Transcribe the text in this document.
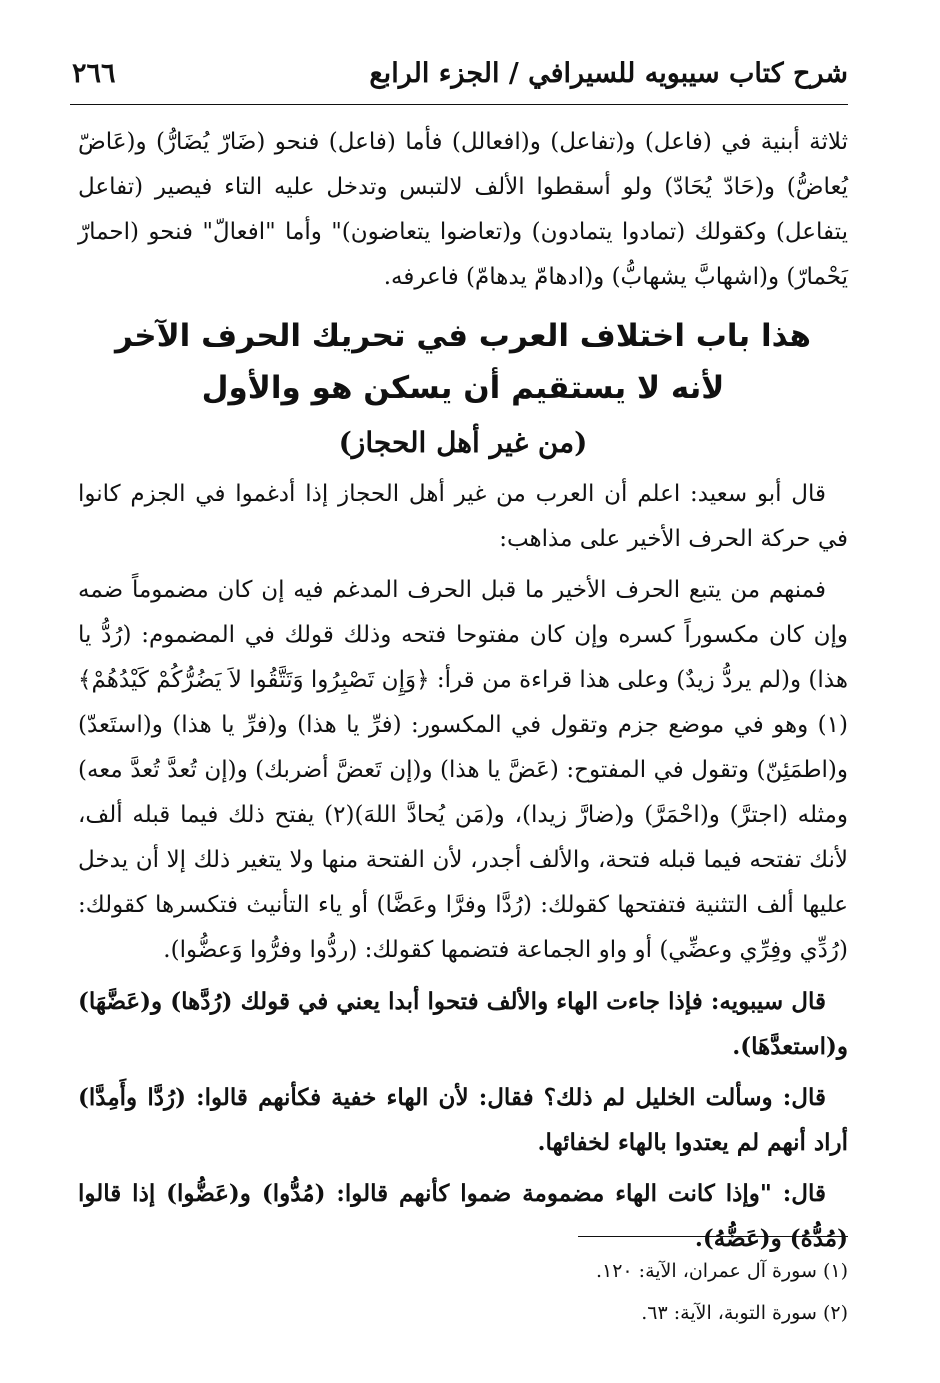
شرح كتاب سيبويه للسيرافي / الجزء الرابع
٢٦٦

ثلاثة أبنية في (فاعل) و(تفاعل) و(افعالل) فأما (فاعل) فنحو (ضَارّ يُضَارُّ) و(عَاضّ يُعاضُّ) و(حَادّ يُحَادّ) ولو أسقطوا الألف لالتبس وتدخل عليه التاء فيصير (تفاعل يتفاعل) وكقولك (تمادوا يتمادون) و(تعاضوا يتعاضون)" وأما "افعالّ" فنحو (احمارّ يَحْمارّ) و(اشهابَّ يشهابُّ) و(ادهامّ يدهامّ) فاعرفه.

هذا باب اختلاف العرب في تحريك الحرف الآخر لأنه لا يستقيم أن يسكن هو والأول

(من غير أهل الحجاز)

قال أبو سعيد: اعلم أن العرب من غير أهل الحجاز إذا أدغموا في الجزم كانوا في حركة الحرف الأخير على مذاهب:

فمنهم من يتبع الحرف الأخير ما قبل الحرف المدغم فيه إن كان مضموماً ضمه وإن كان مكسوراً كسره وإن كان مفتوحا فتحه وذلك قولك في المضموم: (رُدُّ يا هذا) و(لم يردُّ زيدٌ) وعلى هذا قراءة من قرأ: ﴿وَإِن تَصْبِرُوا وَتَتَّقُوا لاَ يَضُرُّكُمْ كَيْدُهُمْ﴾(١) وهو في موضع جزم وتقول في المكسور: (فرِّ يا هذا) و(فرِّ يا هذا) و(استَعدّ) و(اطمَئِنّ) وتقول في المفتوح: (عَضَّ يا هذا) و(إن تَعضَّ أضربك) و(إن تُعدَّ تُعدَّ معه) ومثله (اجترَّ) و(احْمَرَّ) و(ضارَّ زيدا)، و(مَن يُحادَّ اللهَ)(٢) يفتح ذلك فيما قبله ألف، لأنك تفتحه فيما قبله فتحة، والألف أجدر، لأن الفتحة منها ولا يتغير ذلك إلا أن يدخل عليها ألف التثنية فتفتحها كقولك: (رُدَّا وفرَّا وعَضَّا) أو ياء التأنيث فتكسرها كقولك: (رُدِّي وفِرِّي وعضِّي) أو واو الجماعة فتضمها كقولك: (ردُّوا وفرُّوا وَعضُّوا).

قال سيبويه: فإذا جاءت الهاء والألف فتحوا أبدا يعني في قولك (رُدَّها) و(عَضَّهَا) و(استعدَّهَا).

قال: وسألت الخليل لم ذلك؟ فقال: لأن الهاء خفية فكأنهم قالوا: (رُدَّا وأَمِدَّا) أراد أنهم لم يعتدوا بالهاء لخفائها.

قال: "وإذا كانت الهاء مضمومة ضموا كأنهم قالوا: (مُدُّوا) و(عَضُّوا) إذا قالوا (مُدُّهُ) و(عَضُّهُ).

(١) سورة آل عمران، الآية: ١٢٠.

(٢) سورة التوبة، الآية: ٦٣.
